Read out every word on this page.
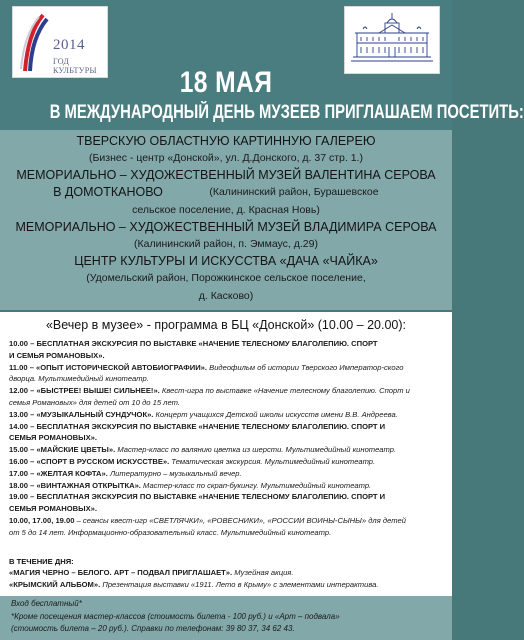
2014
ГОД КУЛЬТУРЫ	18 МАЯ
В МЕЖДУНАРОДНЫЙ ДЕНЬ МУЗЕЕВ ПРИГЛАШАЕМ ПОСЕТИТЬ:
ТВЕРСКУЮ ОБЛАСТНУЮ КАРТИННУЮ ГАЛЕРЕЮ
(Бизнес - центр «Донской», ул. Д.Донского, д. 37 стр. 1.)
МЕМОРИАЛЬНО – ХУДОЖЕСТВЕННЫЙ МУЗЕЙ ВАЛЕНТИНА СЕРОВА
В ДОМОТКАНОВО	(Калининский район, Бурашевское
сельское поселение, д. Красная Новь)
МЕМОРИАЛЬНО – ХУДОЖЕСТВЕННЫЙ МУЗЕЙ ВЛАДИМИРА СЕРОВА
(Калининский район, п. Эммаус, д.29)
ЦЕНТР КУЛЬТУРЫ И ИСКУССТВА «ДАЧА «ЧАЙКА»
(Удомельский район, Порожкинское сельское поселение,
д. Касково)
«Вечер в музее» - программа в БЦ «Донской» (10.00 – 20.00):
10.00 – БЕСПЛАТНАЯ ЭКСКУРСИЯ ПО ВЫСТАВКЕ «НАЧЕНИЕ ТЕЛЕСНОМУ БЛАГОЛЕПИЮ. СПОРТ
И СЕМЬЯ РОМАНОВЫХ».
11.00 – «ОПЫТ ИСТОРИЧЕСКОЙ АВТОБИОГРАФИИ». Видеофильм об истории Тверского Император-ского
дворца. Мультимедийный кинотеатр.
12.00 – «БЫСТРЕЕ! ВЫШЕ! СИЛЬНЕЕ!». Квест-игра по выставке «Начение телесному благолепию. Спорт и
семья Романовых» для детей от 10 до 15 лет.
13.00 – «МУЗЫКАЛЬНЫЙ СУНДУЧОК». Концерт учащихся Детской школы искусств имени В.В. Андреева.
14.00 – БЕСПЛАТНАЯ ЭКСКУРСИЯ ПО ВЫСТАВКЕ «НАЧЕНИЕ ТЕЛЕСНОМУ БЛАГОЛЕПИЮ. СПОРТ И
СЕМЬЯ РОМАНОВЫХ».
15.00 – «МАЙСКИЕ ЦВЕТЫ». Мастер-класс по валянию цветка из шерсти. Мультимедийный кинотеатр.
16.00 – «СПОРТ В РУССКОМ ИСКУССТВЕ». Тематическая экскурсия. Мультимедийный кинотеатр.
17.00 – «ЖЕЛТАЯ КОФТА». Литературно – музыкальный вечер.
18.00 – «ВИНТАЖНАЯ ОТКРЫТКА». Мастер-класс по скрап-букингу. Мультимедийный кинотеатр.
19.00 – БЕСПЛАТНАЯ ЭКСКУРСИЯ ПО ВЫСТАВКЕ «НАЧЕНИЕ ТЕЛЕСНОМУ БЛАГОЛЕПИЮ. СПОРТ И
СЕМЬЯ РОМАНОВЫХ».
10.00, 17.00, 19.00 – сеансы квест-игр «СВЕТЛЯЧКИ», «РОВЕСНИКИ», «РОССИИ ВОИНЫ-СЫНЫ» для детей
от 5 до 14 лет. Информационно-образовательный класс. Мультимедийный кинотеатр.
В ТЕЧЕНИЕ ДНЯ:
«МАГИЯ ЧЕРНО – БЕЛОГО. АРТ – ПОДВАЛ ПРИГЛАШАЕТ». Музейная акция.
«КРЫМСКИЙ АЛЬБОМ». Презентация выставки «1911. Лето в Крыму» с элементами интерактива.
Вход бесплатный*
*Кроме посещения мастер-классов (стоимость билета - 100 руб.) и «Арт – подвала»
(стоимость билета – 20 руб.). Справки по телефонам: 39 80 37, 34 62 43.
